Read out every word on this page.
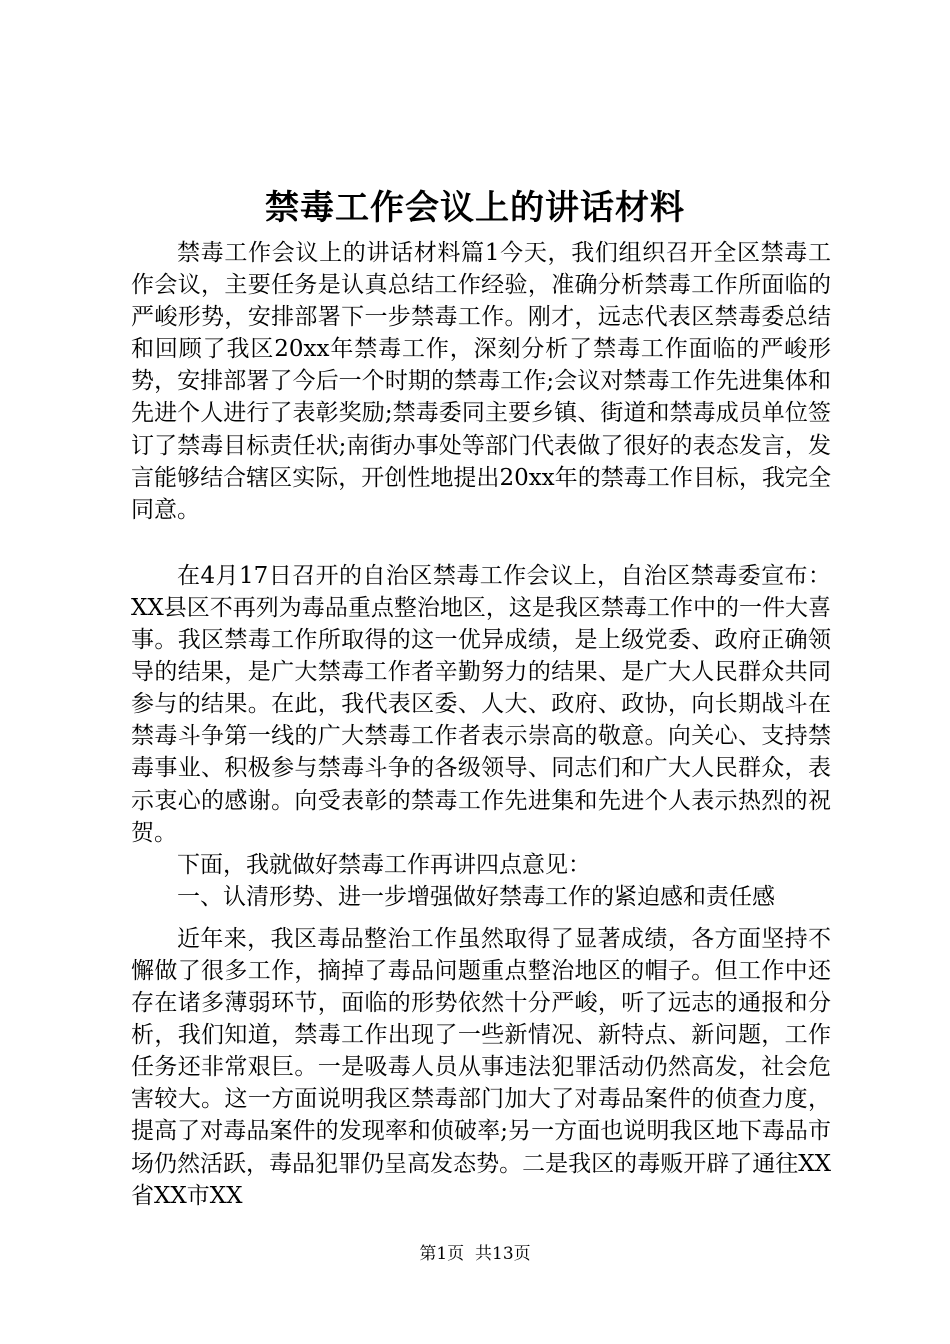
禁毒工作会议上的讲话材料

禁毒工作会议上的讲话材料篇1今天，我们组织召开全区禁毒工作会议，主要任务是认真总结工作经验，准确分析禁毒工作所面临的严峻形势，安排部署下一步禁毒工作。刚才，远志代表区禁毒委总结和回顾了我区20xx年禁毒工作，深刻分析了禁毒工作面临的严峻形势，安排部署了今后一个时期的禁毒工作;会议对禁毒工作先进集体和先进个人进行了表彰奖励;禁毒委同主要乡镇、街道和禁毒成员单位签订了禁毒目标责任状;南街办事处等部门代表做了很好的表态发言，发言能够结合辖区实际，开创性地提出20xx年的禁毒工作目标，我完全同意。

在4月17日召开的自治区禁毒工作会议上，自治区禁毒委宣布：XX县区不再列为毒品重点整治地区，这是我区禁毒工作中的一件大喜事。我区禁毒工作所取得的这一优异成绩，是上级党委、政府正确领导的结果，是广大禁毒工作者辛勤努力的结果、是广大人民群众共同参与的结果。在此，我代表区委、人大、政府、政协，向长期战斗在禁毒斗争第一线的广大禁毒工作者表示崇高的敬意。向关心、支持禁毒事业、积极参与禁毒斗争的各级领导、同志们和广大人民群众，表示衷心的感谢。向受表彰的禁毒工作先进集和先进个人表示热烈的祝贺。

下面，我就做好禁毒工作再讲四点意见：

一、认清形势、进一步增强做好禁毒工作的紧迫感和责任感

近年来，我区毒品整治工作虽然取得了显著成绩，各方面坚持不懈做了很多工作，摘掉了毒品问题重点整治地区的帽子。但工作中还存在诸多薄弱环节，面临的形势依然十分严峻，听了远志的通报和分析，我们知道，禁毒工作出现了一些新情况、新特点、新问题，工作任务还非常艰巨。一是吸毒人员从事违法犯罪活动仍然高发，社会危害较大。这一方面说明我区禁毒部门加大了对毒品案件的侦查力度，提高了对毒品案件的发现率和侦破率;另一方面也说明我区地下毒品市场仍然活跃，毒品犯罪仍呈高发态势。二是我区的毒贩开辟了通往XX省XX市XX

第1页 共13页
